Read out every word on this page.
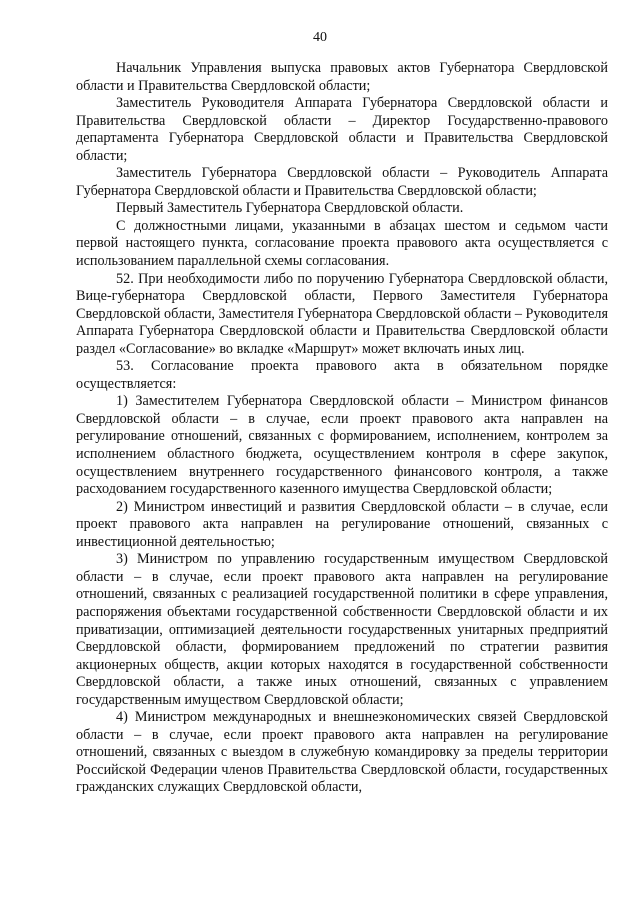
40

Начальник Управления выпуска правовых актов Губернатора Свердловской области и Правительства Свердловской области;

Заместитель Руководителя Аппарата Губернатора Свердловской области и Правительства Свердловской области – Директор Государственно-правового департамента Губернатора Свердловской области и Правительства Свердловской области;

Заместитель Губернатора Свердловской области – Руководитель Аппарата Губернатора Свердловской области и Правительства Свердловской области;

Первый Заместитель Губернатора Свердловской области.

С должностными лицами, указанными в абзацах шестом и седьмом части первой настоящего пункта, согласование проекта правового акта осуществляется с использованием параллельной схемы согласования.

52. При необходимости либо по поручению Губернатора Свердловской области, Вице-губернатора Свердловской области, Первого Заместителя Губернатора Свердловской области, Заместителя Губернатора Свердловской области – Руководителя Аппарата Губернатора Свердловской области и Правительства Свердловской области раздел «Согласование» во вкладке «Маршрут» может включать иных лиц.

53. Согласование проекта правового акта в обязательном порядке осуществляется:

1) Заместителем Губернатора Свердловской области – Министром финансов Свердловской области – в случае, если проект правового акта направлен на регулирование отношений, связанных с формированием, исполнением, контролем за исполнением областного бюджета, осуществлением контроля в сфере закупок, осуществлением внутреннего государственного финансового контроля, а также расходованием государственного казенного имущества Свердловской области;

2) Министром инвестиций и развития Свердловской области – в случае, если проект правового акта направлен на регулирование отношений, связанных с инвестиционной деятельностью;

3) Министром по управлению государственным имуществом Свердловской области – в случае, если проект правового акта направлен на регулирование отношений, связанных с реализацией государственной политики в сфере управления, распоряжения объектами государственной собственности Свердловской области и их приватизации, оптимизацией деятельности государственных унитарных предприятий Свердловской области, формированием предложений по стратегии развития акционерных обществ, акции которых находятся в государственной собственности Свердловской области, а также иных отношений, связанных с управлением государственным имуществом Свердловской области;

4) Министром международных и внешнеэкономических связей Свердловской области – в случае, если проект правового акта направлен на регулирование отношений, связанных с выездом в служебную командировку за пределы территории Российской Федерации членов Правительства Свердловской области, государственных гражданских служащих Свердловской области,
